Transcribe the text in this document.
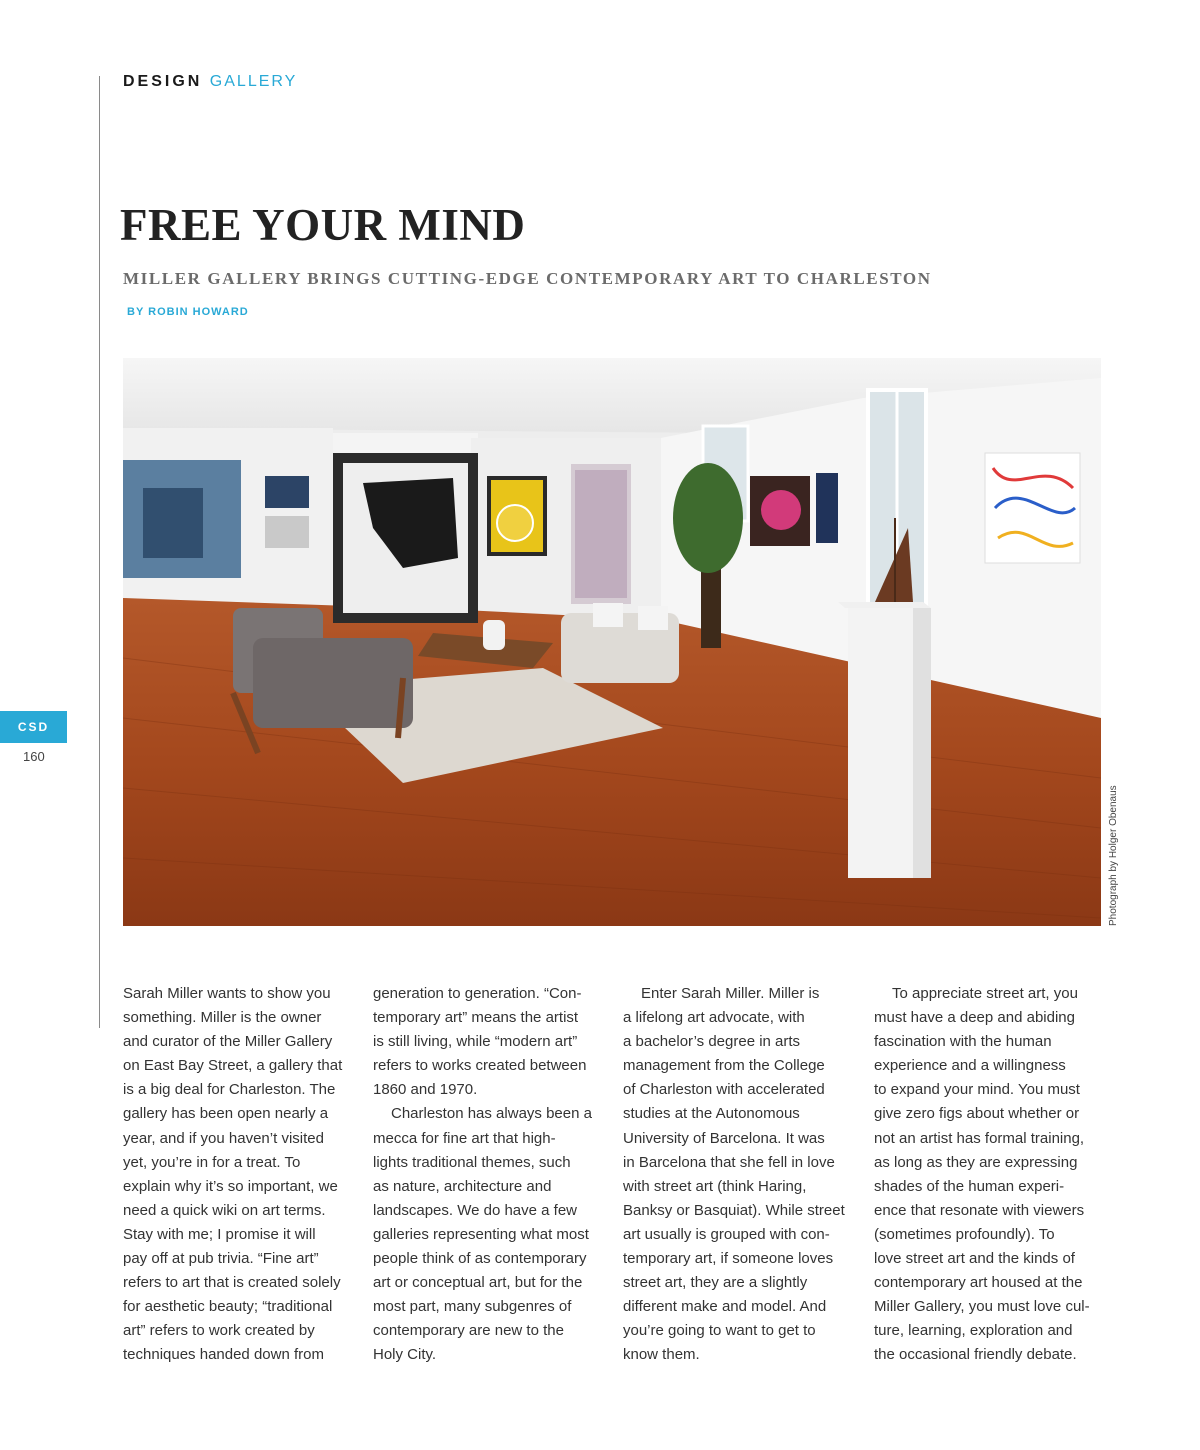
DESIGN GALLERY
FREE YOUR MIND
MILLER GALLERY BRINGS CUTTING-EDGE CONTEMPORARY ART TO CHARLESTON
BY ROBIN HOWARD
Photograph by Holger Obenaus
CSD
160

Sarah Miller wants to show you
something. Miller is the owner
and curator of the Miller Gallery
on East Bay Street, a gallery that
is a big deal for Charleston. The
gallery has been open nearly a
year, and if you haven’t visited
yet, you’re in for a treat. To
explain why it’s so important, we
need a quick wiki on art terms.
Stay with me; I promise it will
pay off at pub trivia. “Fine art”
refers to art that is created solely
for aesthetic beauty; “traditional
art” refers to work created by
techniques handed down from

generation to generation. “Con-
temporary art” means the artist
is still living, while “modern art”
refers to works created between
1860 and 1970.

Charleston has always been a
mecca for fine art that high-
lights traditional themes, such
as nature, architecture and
landscapes. We do have a few
galleries representing what most
people think of as contemporary
art or conceptual art, but for the
most part, many subgenres of
contemporary are new to the
Holy City.

Enter Sarah Miller. Miller is
a lifelong art advocate, with
a bachelor’s degree in arts
management from the College
of Charleston with accelerated
studies at the Autonomous
University of Barcelona. It was
in Barcelona that she fell in love
with street art (think Haring,
Banksy or Basquiat). While street
art usually is grouped with con-
temporary art, if someone loves
street art, they are a slightly
different make and model. And
you’re going to want to get to
know them.

To appreciate street art, you
must have a deep and abiding
fascination with the human
experience and a willingness
to expand your mind. You must
give zero figs about whether or
not an artist has formal training,
as long as they are expressing
shades of the human experi-
ence that resonate with viewers
(sometimes profoundly). To
love street art and the kinds of
contemporary art housed at the
Miller Gallery, you must love cul-
ture, learning, exploration and
the occasional friendly debate.
